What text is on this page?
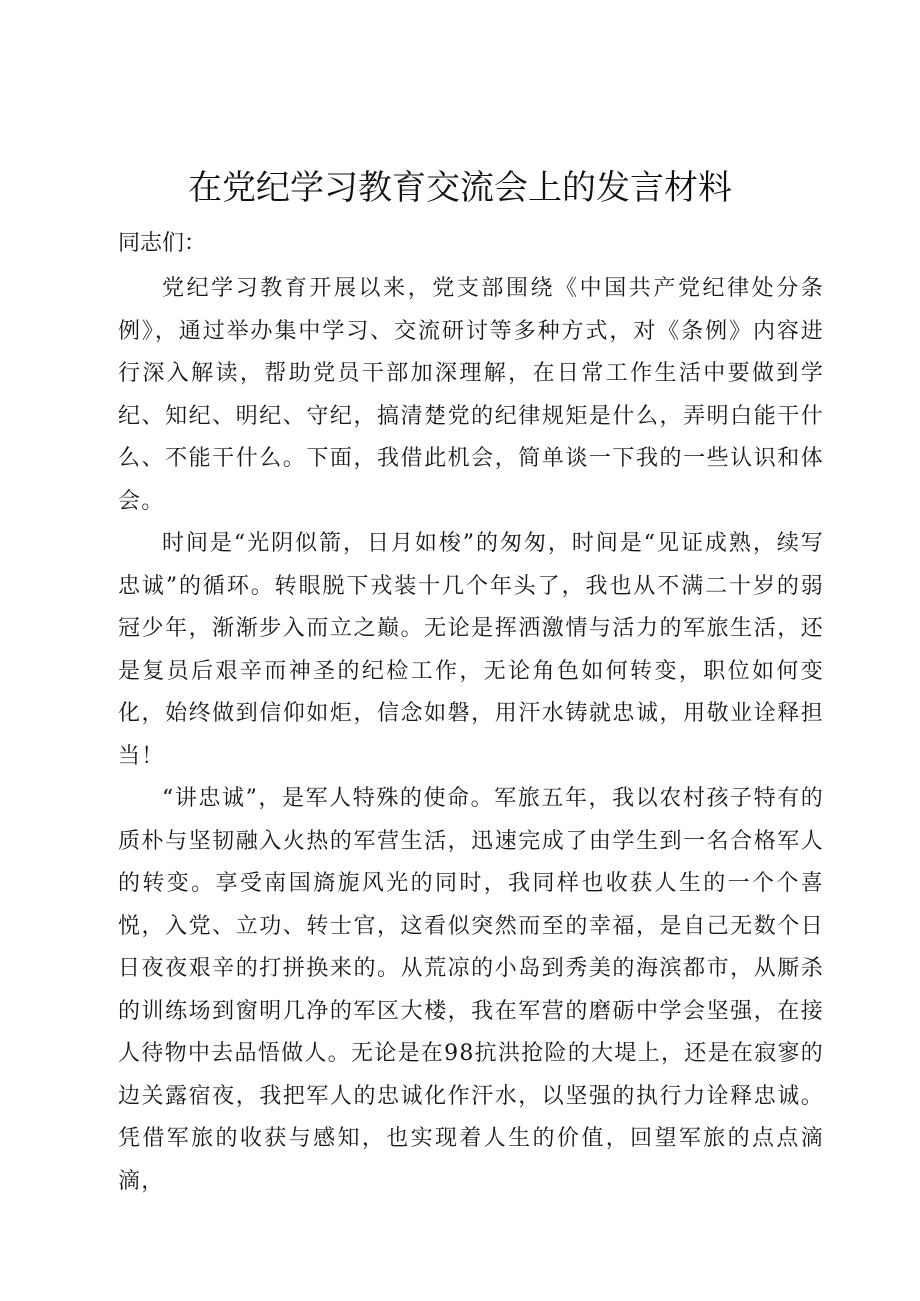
在党纪学习教育交流会上的发言材料
同志们：

党纪学习教育开展以来，党支部围绕《中国共产党纪律处分条例》，通过举办集中学习、交流研讨等多种方式，对《条例》内容进行深入解读，帮助党员干部加深理解，在日常工作生活中要做到学纪、知纪、明纪、守纪，搞清楚党的纪律规矩是什么，弄明白能干什么、不能干什么。下面，我借此机会，简单谈一下我的一些认识和体会。

时间是“光阴似箭，日月如梭”的匆匆，时间是“见证成熟，续写忠诚”的循环。转眼脱下戎装十几个年头了，我也从不满二十岁的弱冠少年，渐渐步入而立之巅。无论是挥洒激情与活力的军旅生活，还是复员后艰辛而神圣的纪检工作，无论角色如何转变，职位如何变化，始终做到信仰如炬，信念如磐，用汗水铸就忠诚，用敬业诠释担当！

“讲忠诚”，是军人特殊的使命。军旅五年，我以农村孩子特有的质朴与坚韧融入火热的军营生活，迅速完成了由学生到一名合格军人的转变。享受南国旖旎风光的同时，我同样也收获人生的一个个喜悦，入党、立功、转士官，这看似突然而至的幸福，是自己无数个日日夜夜艰辛的打拼换来的。从荒凉的小岛到秀美的海滨都市，从厮杀的训练场到窗明几净的军区大楼，我在军营的磨砺中学会坚强，在接人待物中去品悟做人。无论是在98抗洪抢险的大堤上，还是在寂寥的边关露宿夜，我把军人的忠诚化作汗水，以坚强的执行力诠释忠诚。凭借军旅的收获与感知，也实现着人生的价值，回望军旅的点点滴滴，
